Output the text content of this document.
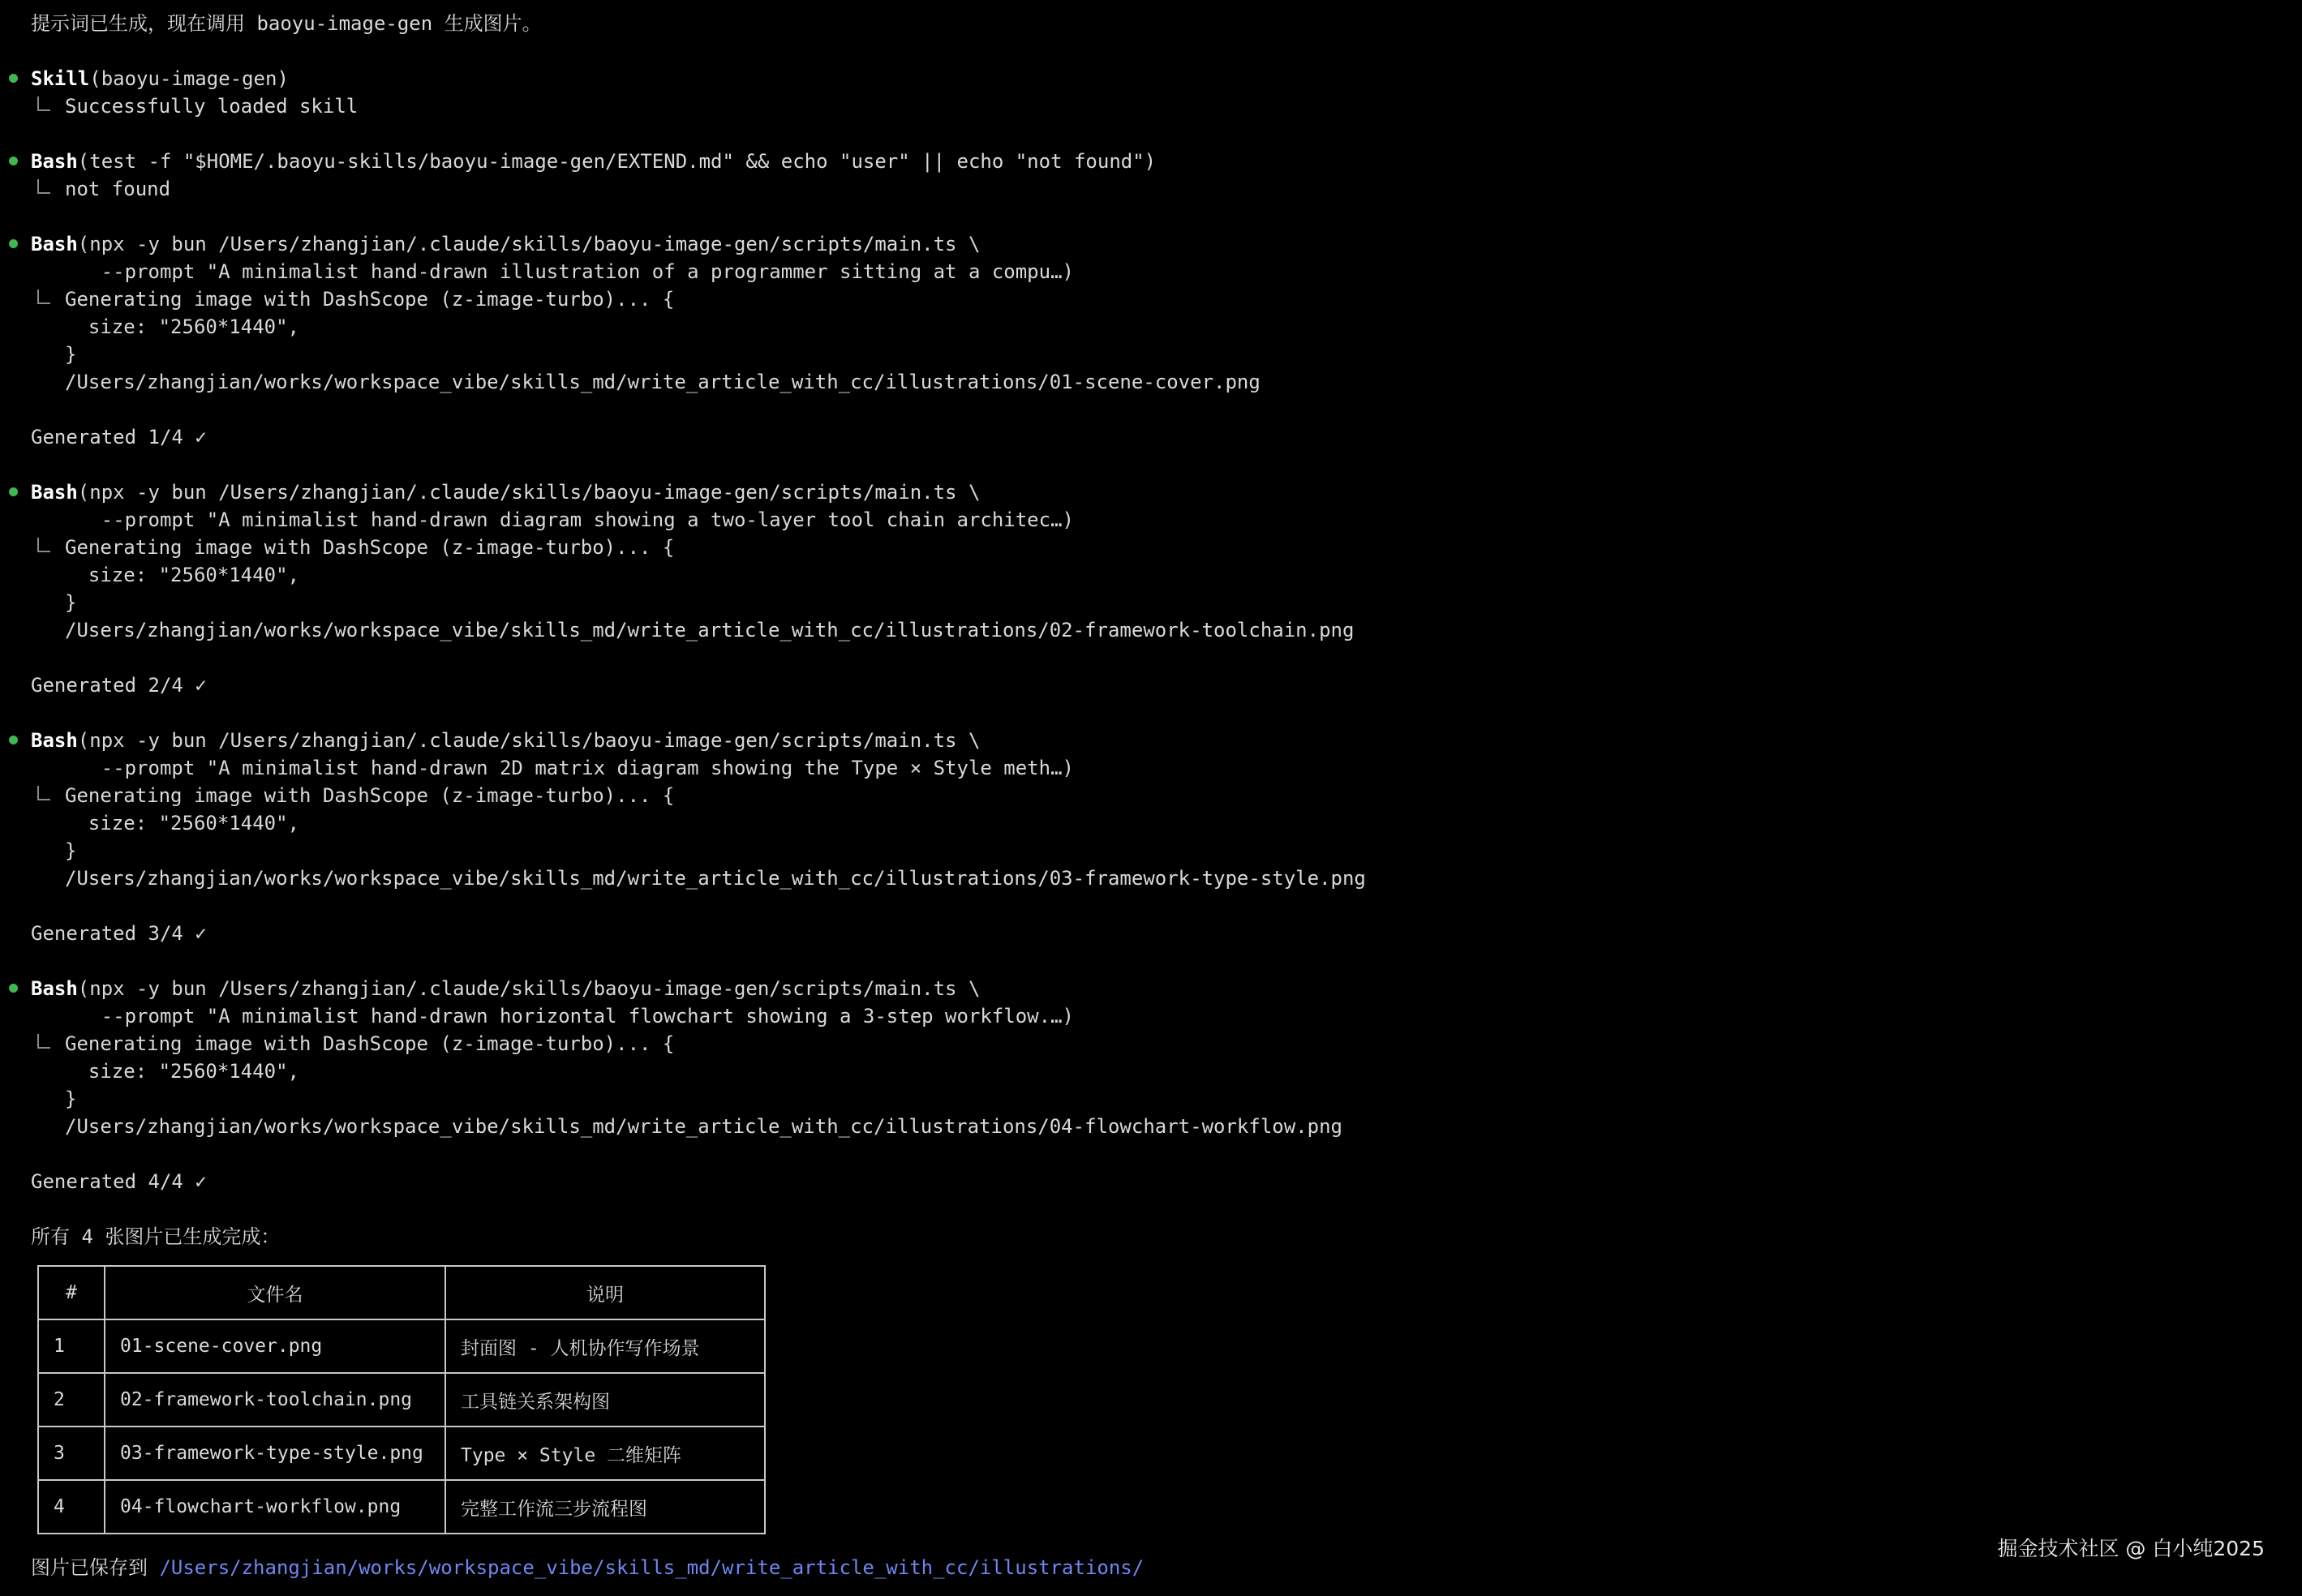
提示词已生成，现在调用 baoyu-image-gen 生成图片。
Skill(baoyu-image-gen)
Successfully loaded skill
Bash(test -f "$HOME/.baoyu-skills/baoyu-image-gen/EXTEND.md" && echo "user" || echo "not found")
not found
Bash(npx -y bun /Users/zhangjian/.claude/skills/baoyu-image-gen/scripts/main.ts \
--prompt "A minimalist hand-drawn illustration of a programmer sitting at a compu…)
Generating image with DashScope (z-image-turbo)... {
size: "2560*1440",
}
/Users/zhangjian/works/workspace_vibe/skills_md/write_article_with_cc/illustrations/01-scene-cover.png
Generated 1/4 ✓
Bash(npx -y bun /Users/zhangjian/.claude/skills/baoyu-image-gen/scripts/main.ts \
--prompt "A minimalist hand-drawn diagram showing a two-layer tool chain architec…)
Generating image with DashScope (z-image-turbo)... {
size: "2560*1440",
}
/Users/zhangjian/works/workspace_vibe/skills_md/write_article_with_cc/illustrations/02-framework-toolchain.png
Generated 2/4 ✓
Bash(npx -y bun /Users/zhangjian/.claude/skills/baoyu-image-gen/scripts/main.ts \
--prompt "A minimalist hand-drawn 2D matrix diagram showing the Type × Style meth…)
Generating image with DashScope (z-image-turbo)... {
size: "2560*1440",
}
/Users/zhangjian/works/workspace_vibe/skills_md/write_article_with_cc/illustrations/03-framework-type-style.png
Generated 3/4 ✓
Bash(npx -y bun /Users/zhangjian/.claude/skills/baoyu-image-gen/scripts/main.ts \
--prompt "A minimalist hand-drawn horizontal flowchart showing a 3-step workflow.…)
Generating image with DashScope (z-image-turbo)... {
size: "2560*1440",
}
/Users/zhangjian/works/workspace_vibe/skills_md/write_article_with_cc/illustrations/04-flowchart-workflow.png
Generated 4/4 ✓
所有 4 张图片已生成完成：
#	文件名	说明
1	01-scene-cover.png	封面图 - 人机协作写作场景
2	02-framework-toolchain.png	工具链关系架构图
3	03-framework-type-style.png	Type × Style 二维矩阵
4	04-flowchart-workflow.png	完整工作流三步流程图
图片已保存到 /Users/zhangjian/works/workspace_vibe/skills_md/write_article_with_cc/illustrations/
掘金技术社区 @ 白小纯2025
